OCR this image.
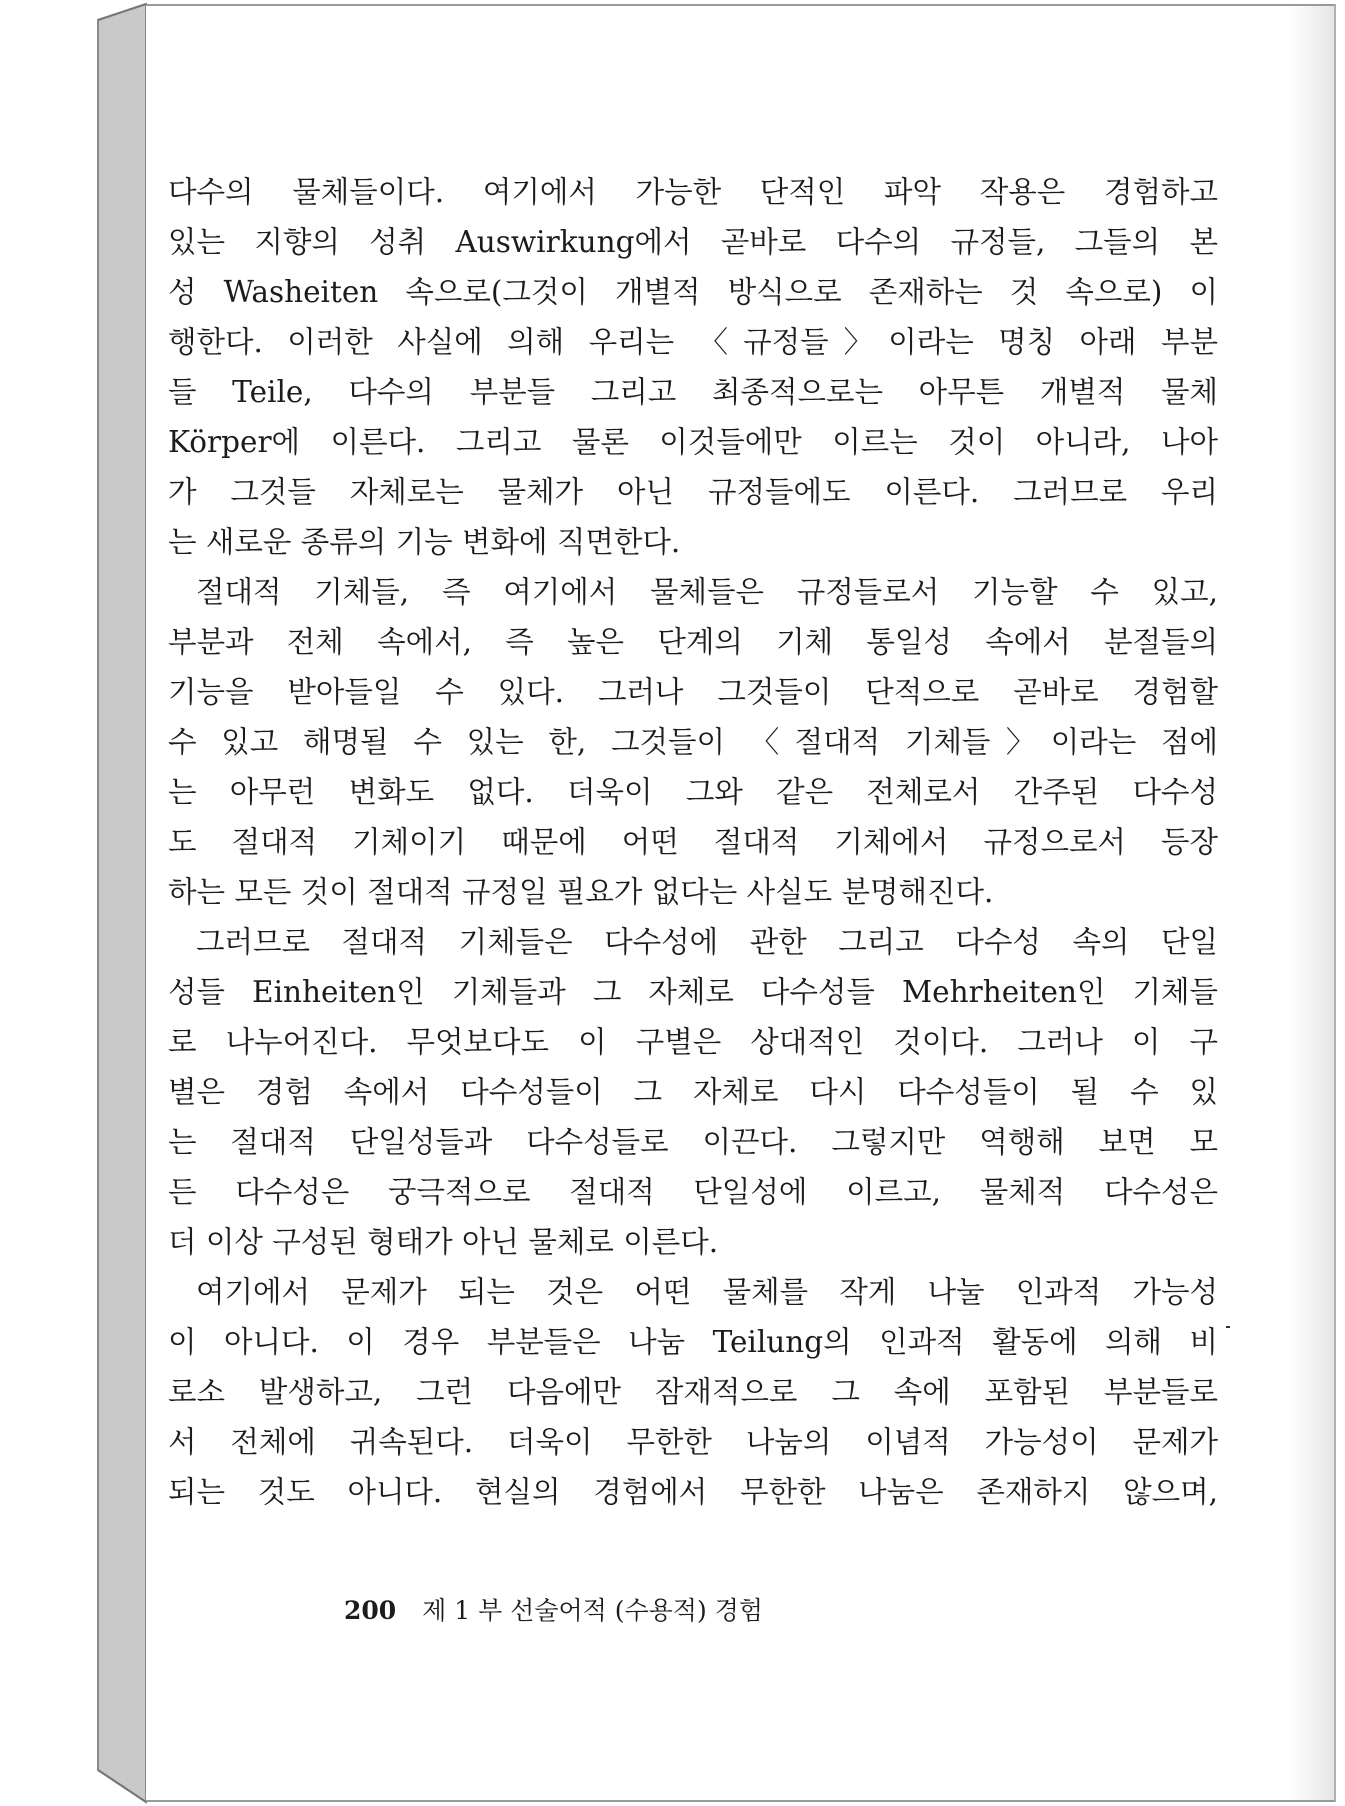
다수의 물체들이다. 여기에서 가능한 단적인 파악 작용은 경험하고
있는 지향의 성취 Auswirkung에서 곧바로 다수의 규정들, 그들의 본
성 Washeiten 속으로(그것이 개별적 방식으로 존재하는 것 속으로) 이
행한다. 이러한 사실에 의해 우리는 〈규정들〉이라는 명칭 아래 부분
들 Teile, 다수의 부분들 그리고 최종적으로는 아무튼 개별적 물체
Körper에 이른다. 그리고 물론 이것들에만 이르는 것이 아니라, 나아
가 그것들 자체로는 물체가 아닌 규정들에도 이른다. 그러므로 우리
는 새로운 종류의 기능 변화에 직면한다.
절대적 기체들, 즉 여기에서 물체들은 규정들로서 기능할 수 있고,
부분과 전체 속에서, 즉 높은 단계의 기체 통일성 속에서 분절들의
기능을 받아들일 수 있다. 그러나 그것들이 단적으로 곧바로 경험할
수 있고 해명될 수 있는 한, 그것들이 〈절대적 기체들〉이라는 점에
는 아무런 변화도 없다. 더욱이 그와 같은 전체로서 간주된 다수성
도 절대적 기체이기 때문에 어떤 절대적 기체에서 규정으로서 등장
하는 모든 것이 절대적 규정일 필요가 없다는 사실도 분명해진다.
그러므로 절대적 기체들은 다수성에 관한 그리고 다수성 속의 단일
성들 Einheiten인 기체들과 그 자체로 다수성들 Mehrheiten인 기체들
로 나누어진다. 무엇보다도 이 구별은 상대적인 것이다. 그러나 이 구
별은 경험 속에서 다수성들이 그 자체로 다시 다수성들이 될 수 있
는 절대적 단일성들과 다수성들로 이끈다. 그렇지만 역행해 보면 모
든 다수성은 궁극적으로 절대적 단일성에 이르고, 물체적 다수성은
더 이상 구성된 형태가 아닌 물체로 이른다.
여기에서 문제가 되는 것은 어떤 물체를 작게 나눌 인과적 가능성
이 아니다. 이 경우 부분들은 나눔 Teilung의 인과적 활동에 의해 비
로소 발생하고, 그런 다음에만 잠재적으로 그 속에 포함된 부분들로
서 전체에 귀속된다. 더욱이 무한한 나눔의 이념적 가능성이 문제가
되는 것도 아니다. 현실의 경험에서 무한한 나눔은 존재하지 않으며,
200 제 1 부 선술어적 (수용적) 경험
